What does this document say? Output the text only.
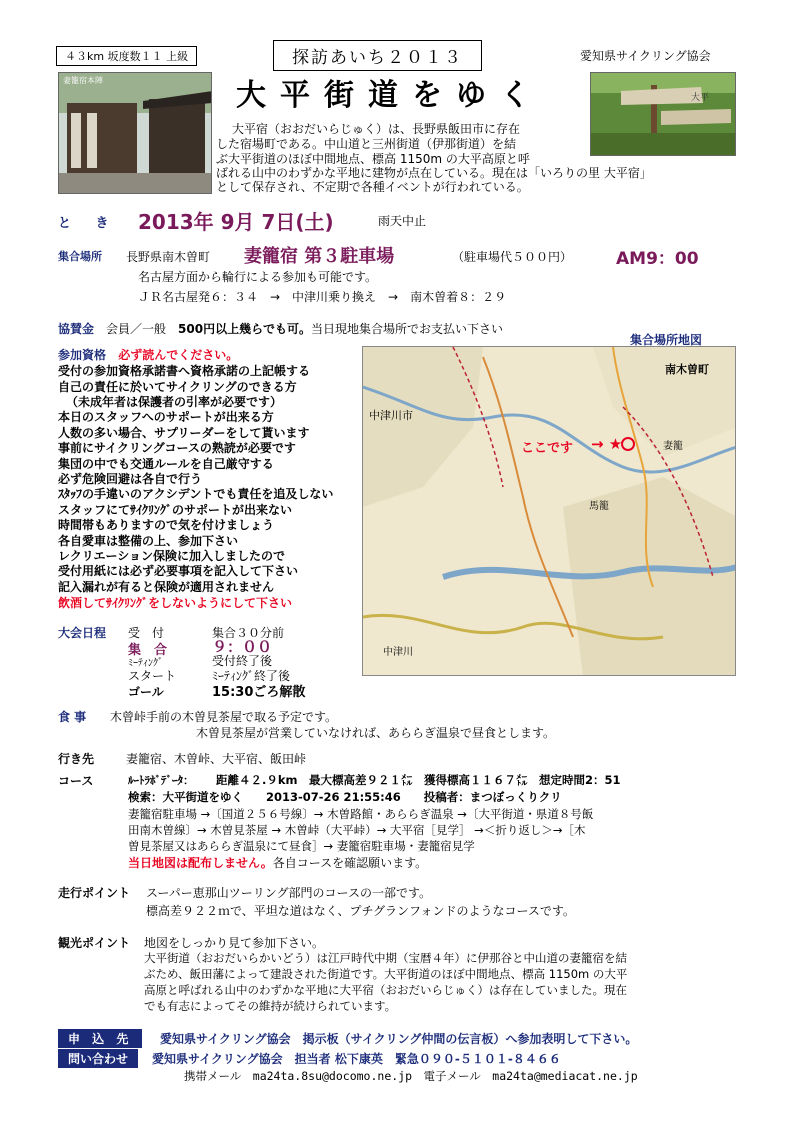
４３km 坂度数１１ 上級	探訪あいち２０１３	愛知県サイクリング協会
妻籠宿本陣
大平
大平街道をゆく
大平宿（おおだいらじゅく）は、長野県飯田市に存在
した宿場町である。中山道と三州街道（伊那街道）を結
ぶ大平街道のほぼ中間地点、標高 1150m の大平高原と呼
ばれる山中のわずかな平地に建物が点在している。現在は「いろりの里 大平宿」
として保存され、不定期で各種イベントが行われている。
と き 2013年 9月 7日(土)	雨天中止
集合場所 長野県南木曽町 妻籠宿 第３駐車場	（駐車場代５００円）	AM9：00
名古屋方面から輪行による参加も可能です。
ＪＲ名古屋発６：３４　→　中津川乗り換え　→　南木曽着８：２９
協賛金 会員／一般　500円以上幾らでも可。当日現地集合場所でお支払い下さい
集合場所地図
南木曽町
中津川市
妻籠
馬籠
中津川
ここです → ★
参加資格 必ず読んでください。
受付の参加資格承諾書へ資格承諾の上記帳する
自己の責任に於いてサイクリングのできる方
（未成年者は保護者の引率が必要です）
本日のスタッフへのサポートが出来る方
人数の多い場合、サプリーダーをして貰います
事前にサイクリングコースの熟読が必要です
集団の中でも交通ルールを自己厳守する
必ず危険回避は各自で行う
ｽﾀｯﾌの手違いのアクシデントでも責任を追及しない
スタッフにてｻｲｸﾘﾝｸﾞのサポートが出来ない
時間帯もありますので気を付けましょう
各自愛車は整備の上、参加下さい
レクリエーション保険に加入しましたので
受付用紙には必ず必要事項を記入して下さい
記入漏れが有ると保険が適用されません
飲酒してｻｲｸﾘﾝｸﾞをしないようにして下さい
大会日程 受　付	集合３０分前
集　合	９：００
ﾐｰﾃｨﾝｸﾞ	受付終了後
スタート	ﾐｰﾃｨﾝｸﾞ終了後
ゴール	15:30ごろ解散
食 事 木曾峠手前の木曽見茶屋で取る予定です。
木曽見茶屋が営業していなければ、あららぎ温泉で昼食とします。
行き先	妻籠宿、木曽峠、大平宿、飯田峠
コース	ﾙｰﾄﾗﾎﾞﾃﾞｰﾀ： 距離４２.９km　最大標高差９２１㍍　獲得標高１１６７㍍　想定時間2：51
検索：大平街道をゆく　　2013-07-26 21:55:46　　投稿者：まつぼっくりクリ
妻籠宿駐車場 →〔国道２５６号線〕→ 木曽路館・あららぎ温泉 →〔大平街道・県道８号飯
田南木曽線〕→ 木曽見茶屋 → 木曽峠（大平峠）→ 大平宿［見学］ →＜折り返し＞→［木
曽見茶屋又はあららぎ温泉にて昼食］→ 妻籠宿駐車場・妻籠宿見学
当日地図は配布しません。各自コースを確認願います。
走行ポイント スーパー恵那山ツーリング部門のコースの一部です。
標高差９２２ｍで、平坦な道はなく、プチグランフォンドのようなコースです。
観光ポイント 地図をしっかり見て参加下さい。
大平街道（おおだいらかいどう）は江戸時代中期（宝暦４年）に伊那谷と中山道の妻籠宿を結
ぶため、飯田藩によって建設された街道です。大平街道のほぼ中間地点、標高 1150m の大平
高原と呼ばれる山中のわずかな平地に大平宿（おおだいらじゅく）は存在していました。現在
でも有志によってその維持が続けられています。
申 込 先	愛知県サイクリング協会　掲示板（サイクリング仲間の伝言板）へ参加表明して下さい。
問い合わせ	愛知県サイクリング協会　担当者 松下康英　緊急０９０-５１０１-８４６６
携帯メール　ma24ta.8su@docomo.ne.jp　電子メール　ma24ta@mediacat.ne.jp
